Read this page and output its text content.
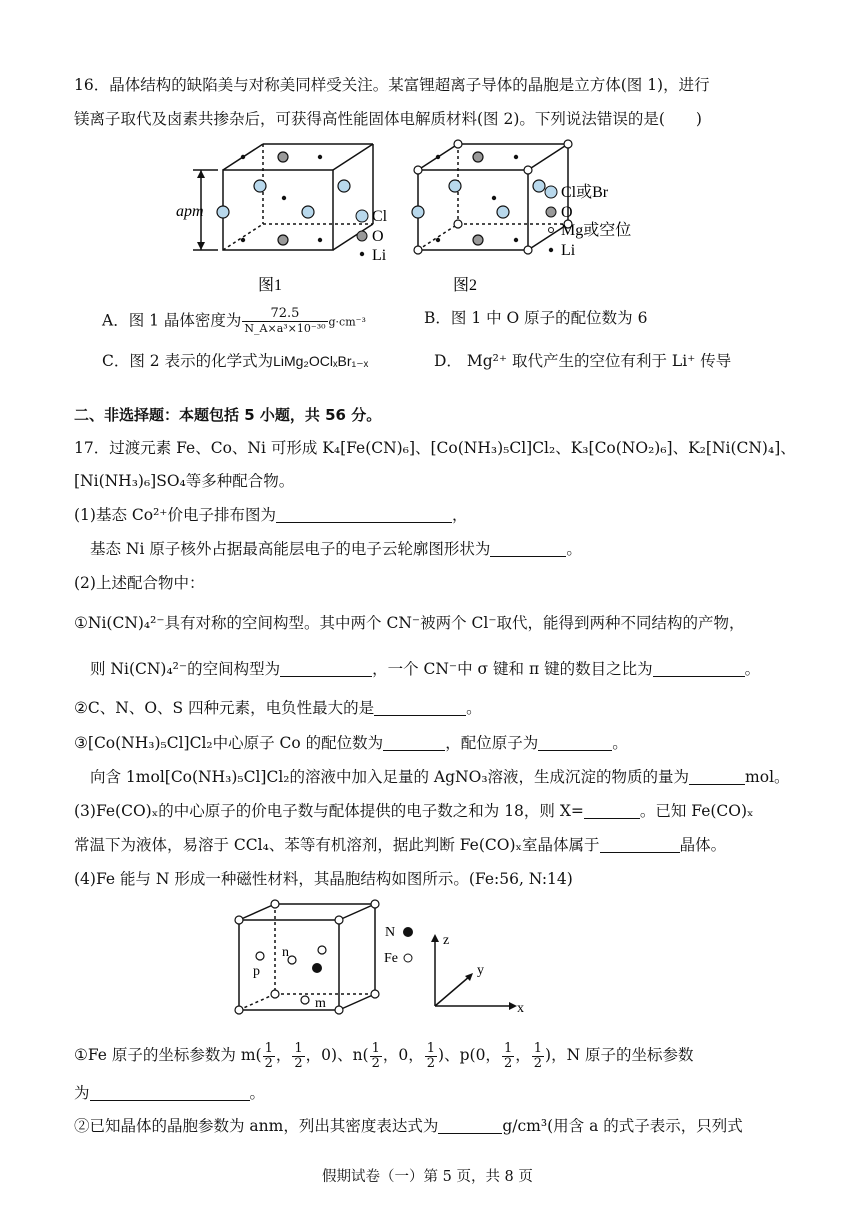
16．晶体结构的缺陷美与对称美同样受关注。某富锂超离子导体的晶胞是立方体(图 1)，进行
镁离子取代及卤素共掺杂后，可获得高性能固体电解质材料(图 2)。下列说法错误的是(　　)
apm	Cl
O
Li
图1
Cl或Br
O
Mg或空位
Li
图2
A．图 1 晶体密度为 $\frac{72.5}{\text{N\_A×a³×10⁻³⁰}} g\cdot cm^{-3}$	B．图 1 中 O 原子的配位数为 6
C．图 2 表示的化学式为LiMg₂OClₓBr₁₋ₓ	D． Mg²⁺ 取代产生的空位有利于 Li⁺ 传导
二、非选择题：本题包括 5 小题，共 56 分。
17．过渡元素 Fe、Co、Ni 可形成 K₄[Fe(CN)₆]、[Co(NH₃)₅Cl]Cl₂、K₃[Co(NO₂)₆]、K₂[Ni(CN)₄]、
[Ni(NH₃)₆]SO₄等多种配合物。
(1)基态 Co²⁺价电子排布图为	，
基态 Ni 原子核外占据最高能层电子的电子云轮廓图形状为	。
(2)上述配合物中：
①Ni(CN)₄²⁻具有对称的空间构型。其中两个 CN⁻被两个 Cl⁻取代，能得到两种不同结构的产物，
则 Ni(CN)₄²⁻的空间构型为	，一个 CN⁻中 σ 键和 π 键的数目之比为	。
②C、N、O、S 四种元素，电负性最大的是	。
③[Co(NH₃)₅Cl]Cl₂中心原子 Co 的配位数为	，配位原子为	。
向含 1mol[Co(NH₃)₅Cl]Cl₂的溶液中加入足量的 AgNO₃溶液，生成沉淀的物质的量为	mol。
(3)Fe(CO)ₓ的中心原子的价电子数与配体提供的电子数之和为 18，则 X=	。已知 Fe(CO)ₓ
常温下为液体，易溶于 CCl₄、苯等有机溶剂，据此判断 Fe(CO)ₓ室晶体属于	晶体。
(4)Fe 能与 N 形成一种磁性材料，其晶胞结构如图所示。(Fe:56, N:14)
p
n
m
N
Fe
z
y
x
①Fe 原子的坐标参数为 $m( \frac{1}{2}$ ， $\frac{1}{2}$ ，0)、$n( \frac{1}{2}$ ，0， $\frac{1}{2}$ )、p(0， $\frac{1}{2}$ ， $\frac{1}{2}$ )，N 原子的坐标参数
为	。
②已知晶体的晶胞参数为 anm，列出其密度表达式为	g/cm³(用含 a 的式子表示，只列式
假期试卷（一）第 5 页，共 8 页
